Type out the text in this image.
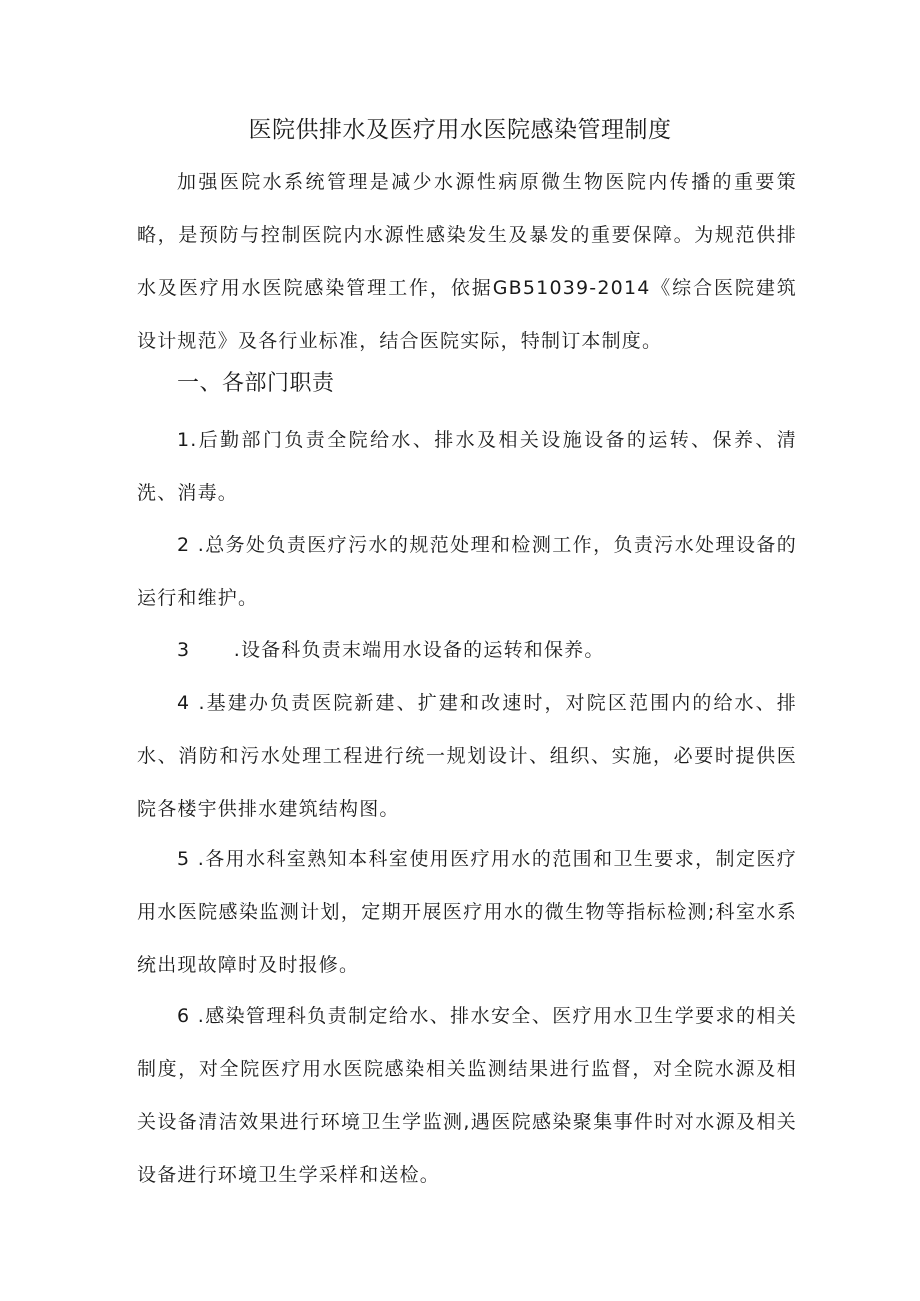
医院供排水及医疗用水医院感染管理制度
加强医院水系统管理是减少水源性病原微生物医院内传播的重要策略，是预防与控制医院内水源性感染发生及暴发的重要保障。为规范供排水及医疗用水医院感染管理工作，依据GB51039-2014《综合医院建筑设计规范》及各行业标准，结合医院实际，特制订本制度。
一、各部门职责
1.后勤部门负责全院给水、排水及相关设施设备的运转、保养、清洗、消毒。
2 .总务处负责医疗污水的规范处理和检测工作，负责污水处理设备的运行和维护。
3      .设备科负责末端用水设备的运转和保养。
4 .基建办负责医院新建、扩建和改速时，对院区范围内的给水、排水、消防和污水处理工程进行统一规划设计、组织、实施，必要时提供医院各楼宇供排水建筑结构图。
5 .各用水科室熟知本科室使用医疗用水的范围和卫生要求，制定医疗用水医院感染监测计划，定期开展医疗用水的微生物等指标检测;科室水系统出现故障时及时报修。
6 .感染管理科负责制定给水、排水安全、医疗用水卫生学要求的相关制度，对全院医疗用水医院感染相关监测结果进行监督，对全院水源及相关设备清洁效果进行环境卫生学监测,遇医院感染聚集事件时对水源及相关设备进行环境卫生学采样和送检。
